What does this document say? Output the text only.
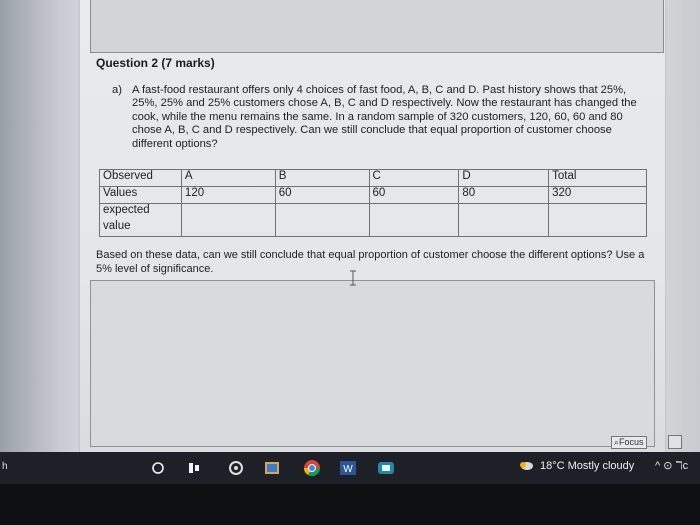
Question 2 (7 marks)
a) A fast-food restaurant offers only 4 choices of fast food, A, B, C and D. Past history shows that 25%, 25%, 25% and 25% customers chose A, B, C and D respectively. Now the restaurant has changed the cook, while the menu remains the same. In a random sample of 320 customers, 120, 60, 60 and 80 chose A, B, C and D respectively. Can we still conclude that equal proportion of customer choose different options?
Observed	A	B	C	D	Total
Values	120	60	60	80	320
expected					
value					
Based on these data, can we still conclude that equal proportion of customer choose the different options? Use a 5% level of significance.
⌕Focus
h	W	18°C Mostly cloudy ^ ⊙ ℸc
